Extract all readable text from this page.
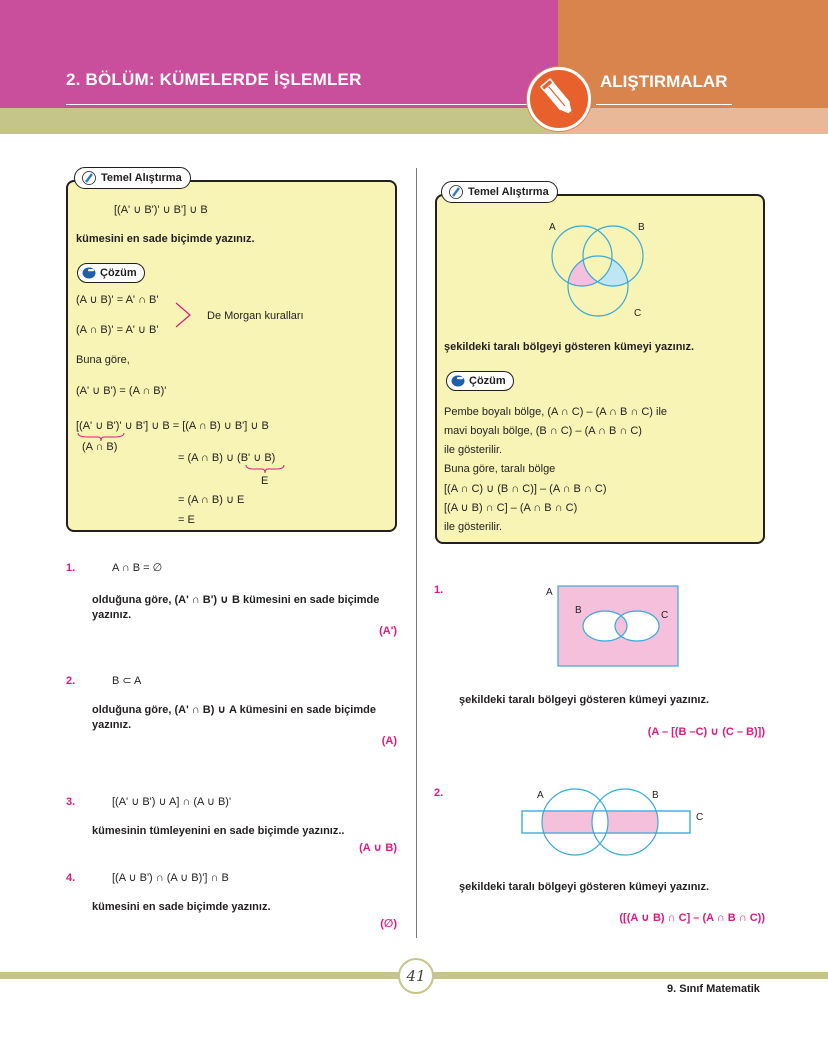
2. BÖLÜM: KÜMELERDE İŞLEMLER	ALIŞTIRMALAR
Temel Alıştırma
[(A' ∪ B')' ∪ B'] ∪ B
kümesini en sade biçimde yazınız.
Çözüm
(A ∪ B)' = A' ∩ B'
(A ∩ B)' = A' ∪ B'
De Morgan kuralları
Buna göre,
(A' ∪ B') = (A ∩ B)'
[(A' ∪ B')' ∪ B'] ∪ B = [(A ∩ B) ∪ B'] ∪ B
(A ∩ B)
= (A ∩ B) ∪ (B' ∪ B)
E
= (A ∩ B) ∪ E
= E
1.	A ∩ B = ∅
olduğuna göre, (A' ∩ B') ∪ B kümesini en sade biçimde
yazınız.
(A')
2.	B ⊂ A
olduğuna göre, (A' ∩ B) ∪ A kümesini en sade biçimde
yazınız.
(A)
3.	[(A' ∪ B') ∪ A] ∩ (A ∪ B)'
kümesinin tümleyenini en sade biçimde yazınız..
(A ∪ B)
4.	[(A ∪ B') ∩ (A ∪ B)'] ∩ B
kümesini en sade biçimde yazınız.
(∅)
Temel Alıştırma
A	B
C
şekildeki taralı bölgeyi gösteren kümeyi yazınız.
Çözüm
Pembe boyalı bölge, (A ∩ C) – (A ∩ B ∩ C) ile
mavi boyalı bölge, (B ∩ C) – (A ∩ B ∩ C)
ile gösterilir.
Buna göre, taralı bölge
[(A ∩ C) ∪ (B ∩ C)] – (A ∩ B ∩ C)
[(A ∪ B) ∩ C] – (A ∩ B ∩ C)
ile gösterilir.
1.	A
B	C
şekildeki taralı bölgeyi gösteren kümeyi yazınız.
(A – [(B –C) ∪ (C – B)])
2.	A	B
C
şekildeki taralı bölgeyi gösteren kümeyi yazınız.
([(A ∪ B) ∩ C] – (A ∩ B ∩ C))
41
9. Sınıf Matematik
